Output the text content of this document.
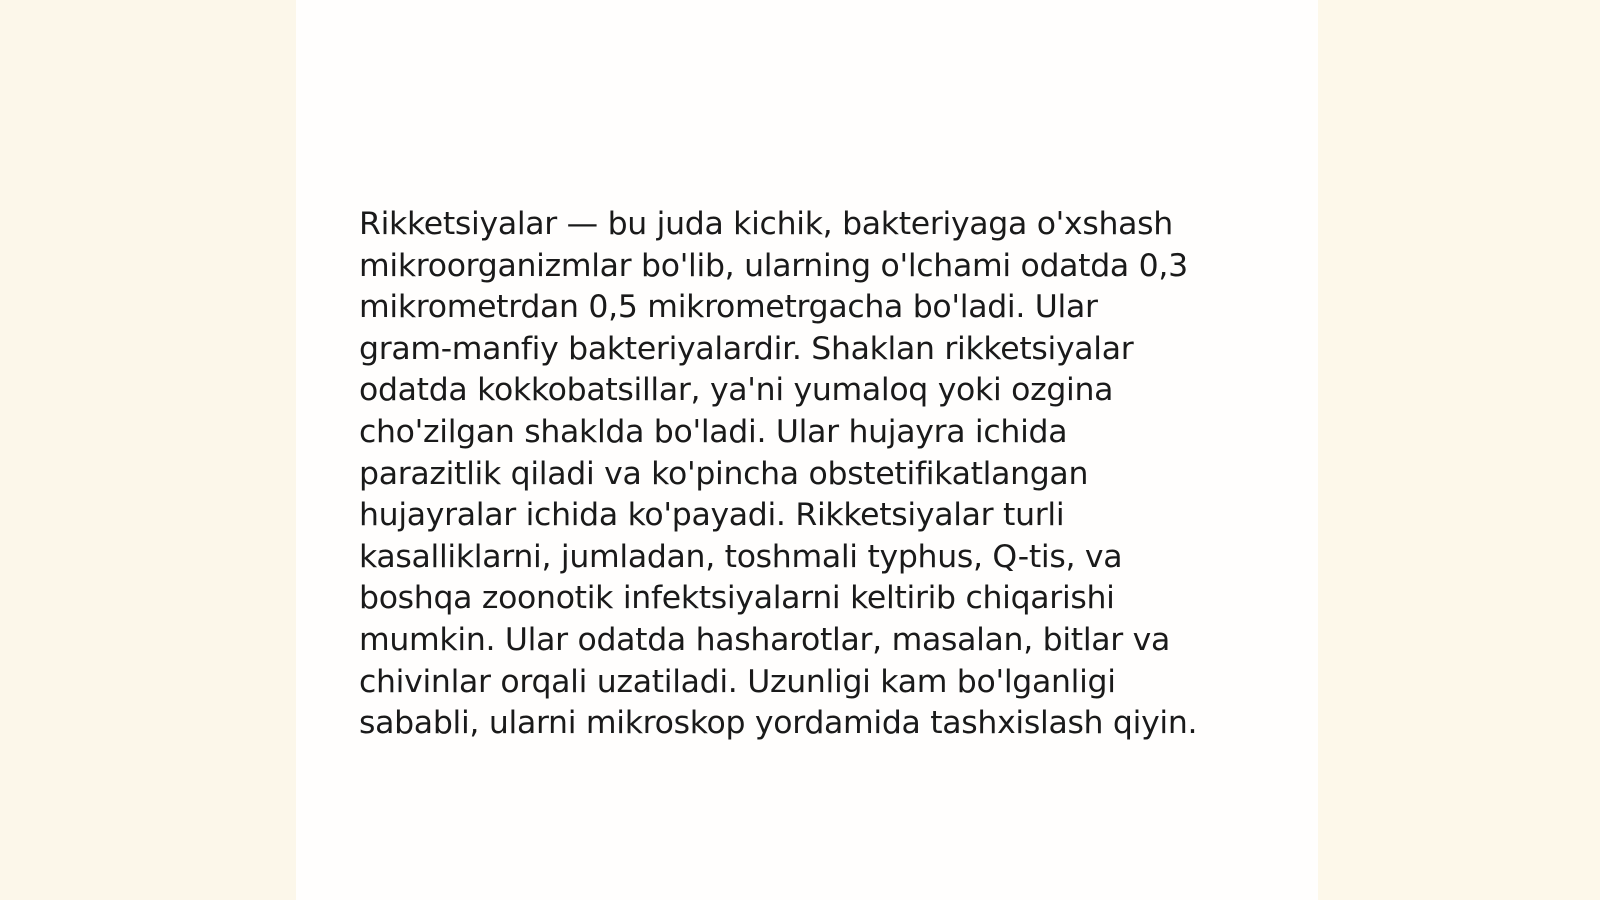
Rikketsiyalar — bu juda kichik, bakteriyaga o'xshash
mikroorganizmlar bo'lib, ularning o'lchami odatda 0,3
mikrometrdan 0,5 mikrometrgacha bo'ladi. Ular
gram-manfiy bakteriyalardir. Shaklan rikketsiyalar
odatda kokkobatsillar, ya'ni yumaloq yoki ozgina
cho'zilgan shaklda bo'ladi. Ular hujayra ichida
parazitlik qiladi va ko'pincha obstetifikatlangan
hujayralar ichida ko'payadi. Rikketsiyalar turli
kasalliklarni, jumladan, toshmali typhus, Q-tis, va
boshqa zoonotik infektsiyalarni keltirib chiqarishi
mumkin. Ular odatda hasharotlar, masalan, bitlar va
chivinlar orqali uzatiladi. Uzunligi kam bo'lganligi
sababli, ularni mikroskop yordamida tashxislash qiyin.
